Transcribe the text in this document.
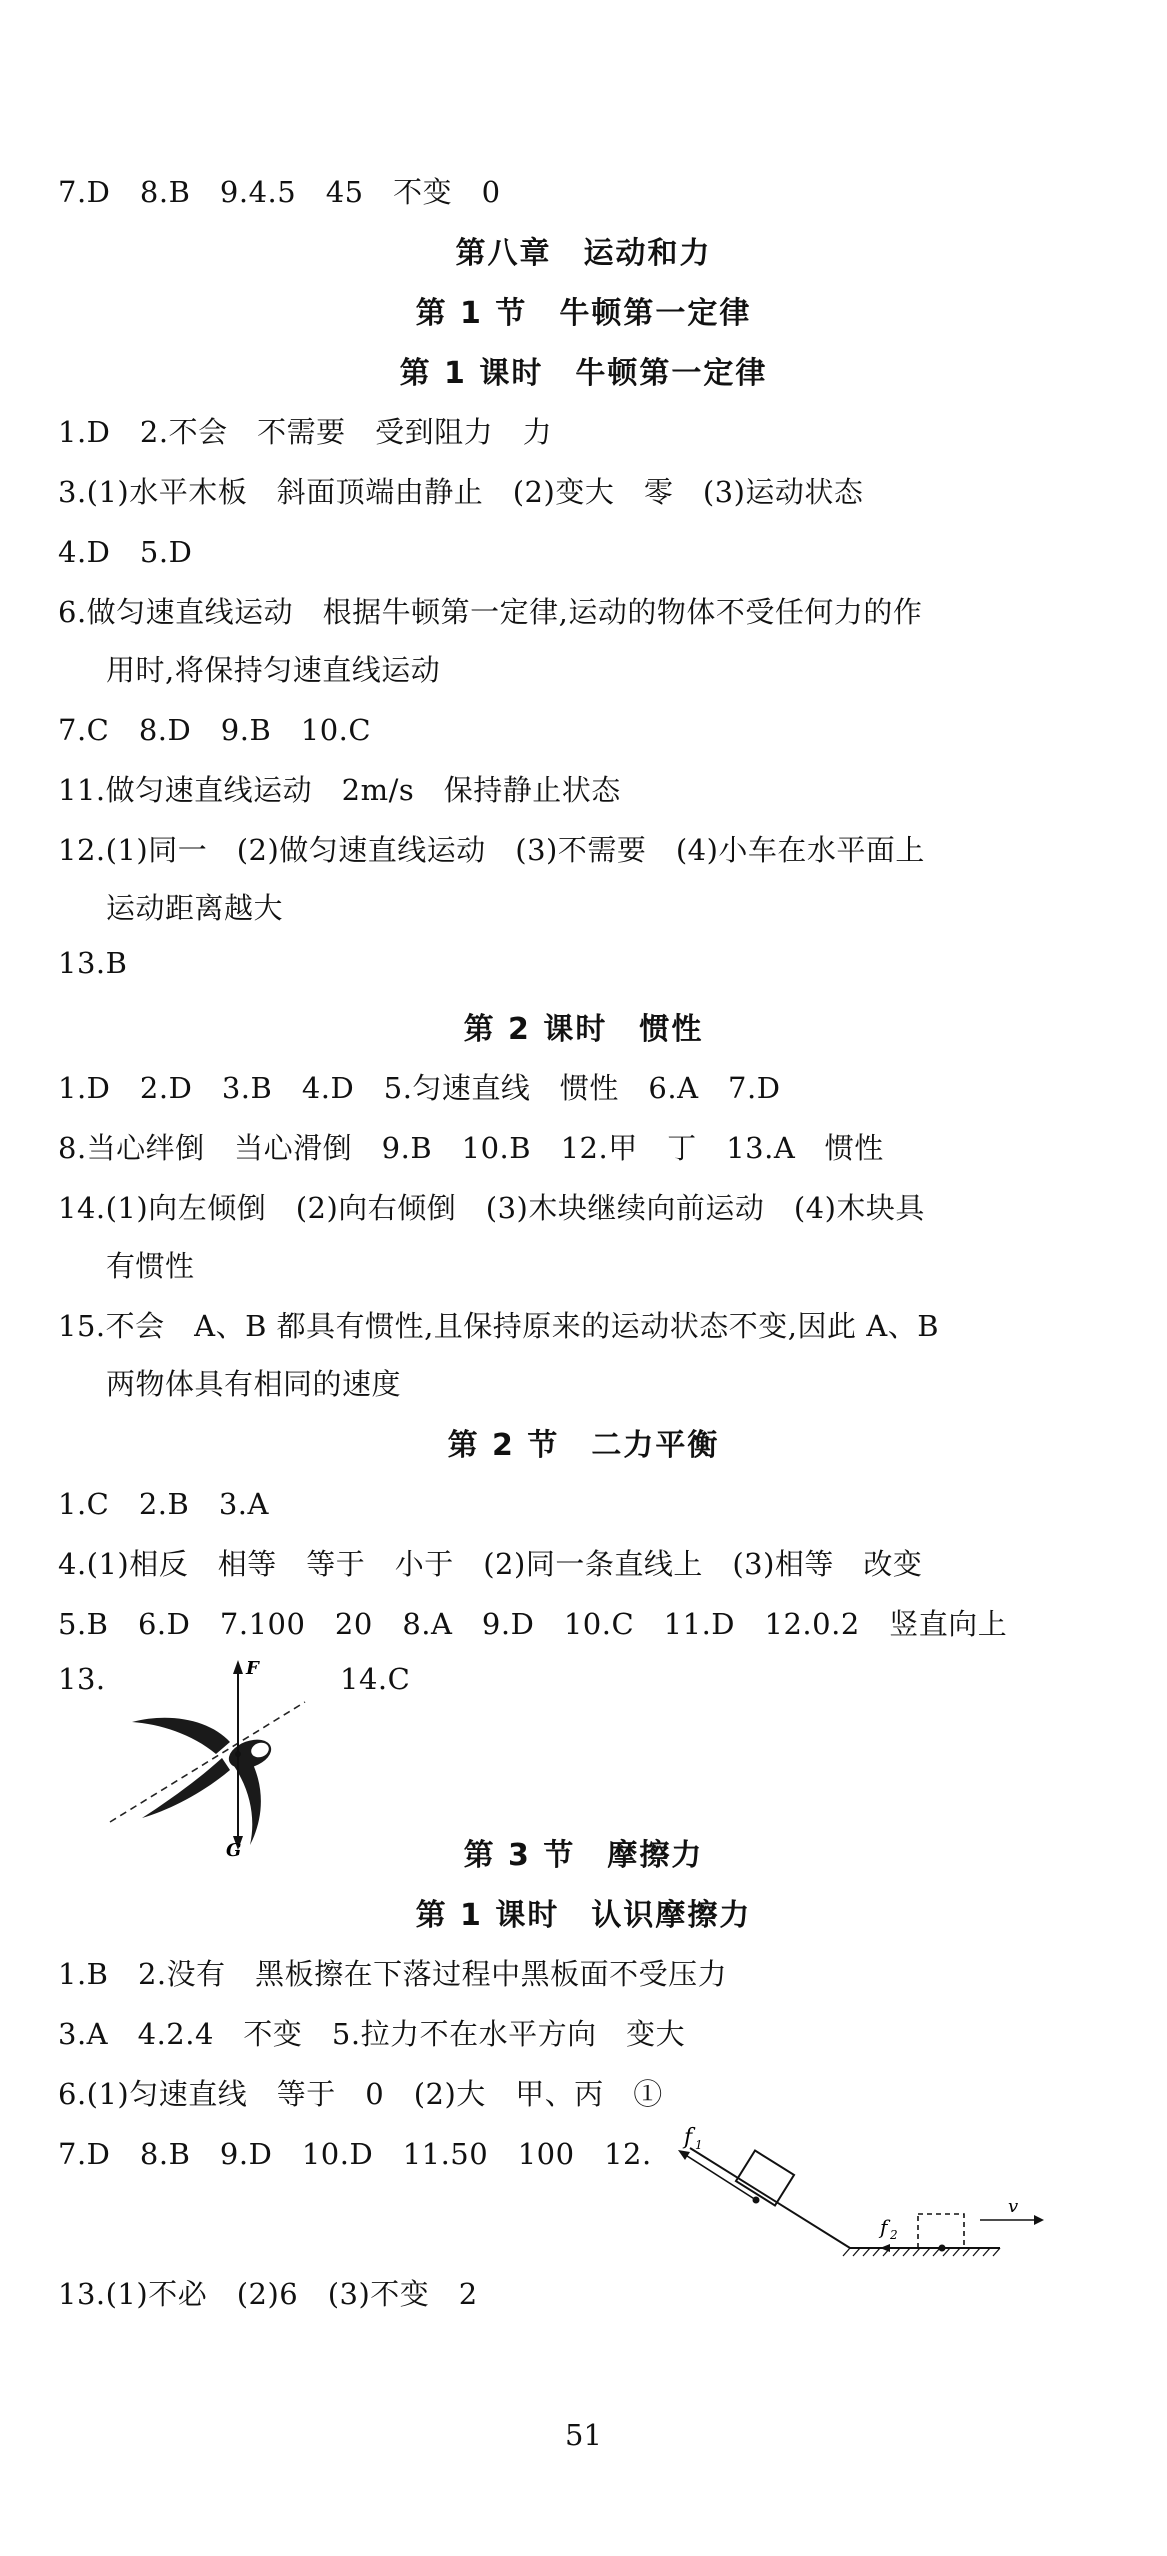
7.D　8.B　9.4.5　45　不变　0
第八章　运动和力
第 1 节　牛顿第一定律
第 1 课时　牛顿第一定律
1.D　2.不会　不需要　受到阻力　力
3.(1)水平木板　斜面顶端由静止　(2)变大　零　(3)运动状态
4.D　5.D
6.做匀速直线运动　根据牛顿第一定律,运动的物体不受任何力的作
用时,将保持匀速直线运动
7.C　8.D　9.B　10.C
11.做匀速直线运动　2m/s　保持静止状态
12.(1)同一　(2)做匀速直线运动　(3)不需要　(4)小车在水平面上
运动距离越大
13.B
第 2 课时　惯性
1.D　2.D　3.B　4.D　5.匀速直线　惯性　6.A　7.D
8.当心绊倒　当心滑倒　9.B　10.B　12.甲　丁　13.A　惯性
14.(1)向左倾倒　(2)向右倾倒　(3)木块继续向前运动　(4)木块具
有惯性
15.不会　A、B 都具有惯性,且保持原来的运动状态不变,因此 A、B
两物体具有相同的速度
第 2 节　二力平衡
1.C　2.B　3.A
4.(1)相反　相等　等于　小于　(2)同一条直线上　(3)相等　改变
5.B　6.D　7.100　20　8.A　9.D　10.C　11.D　12.0.2　竖直向上
13.	14.C
F
G	第 3 节　摩擦力
第 1 课时　认识摩擦力
1.B　2.没有　黑板擦在下落过程中黑板面不受压力
3.A　4.2.4　不变　5.拉力不在水平方向　变大
6.(1)匀速直线　等于　0　(2)大　甲、丙　①
7.D　8.B　9.D　10.D　11.50　100　12. f 1
f 2
v
13.(1)不必　(2)6　(3)不变　2
51
